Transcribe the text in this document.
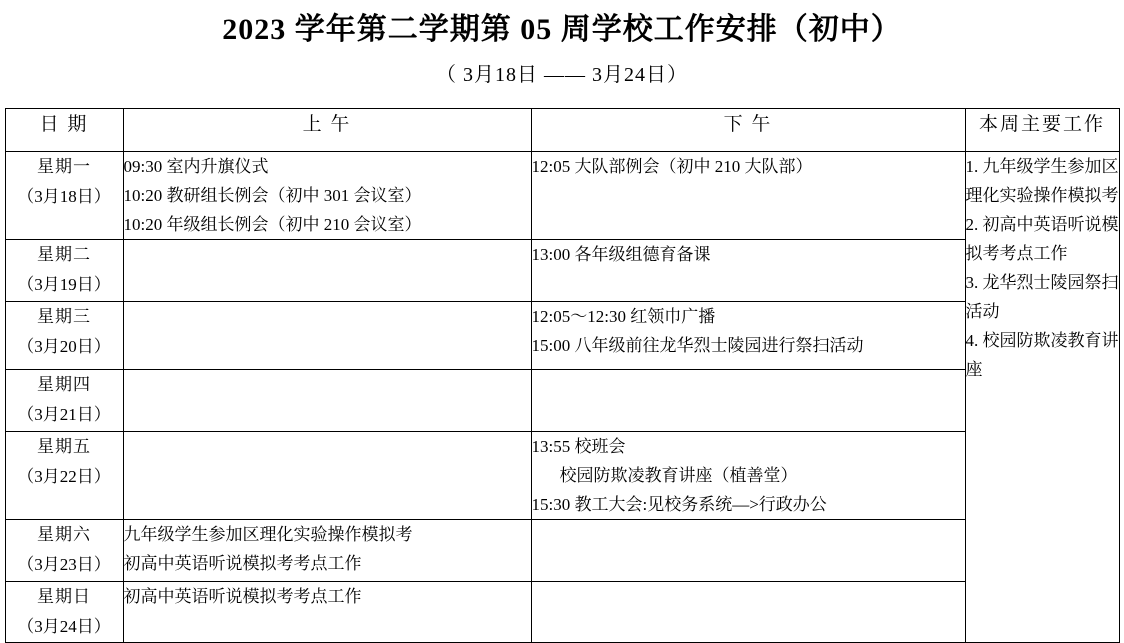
2023 学年第二学期第 05 周学校工作安排（初中）
（ 3月18日 —— 3月24日）
日 期	上 午	下 午	本周主要工作

星期一
（3月18日）	09:30 室内升旗仪式
10:20 教研组长例会（初中 301 会议室）
10:20 年级组长例会（初中 210 会议室）	12:05 大队部例会（初中 210 大队部）	1. 九年级学生参加区理化实验操作模拟考
2. 初高中英语听说模拟考考点工作
3. 龙华烈士陵园祭扫活动
4. 校园防欺凌教育讲座

星期二
（3月19日）		13:00 各年级组德育备课	

星期三
（3月20日）		12:05～12:30 红领巾广播
15:00 八年级前往龙华烈士陵园进行祭扫活动	

星期四
（3月21日）			

星期五
（3月22日）		13:55 校班会
校园防欺凌教育讲座（植善堂）
15:30 教工大会:见校务系统—>行政办公	

星期六
（3月23日）	九年级学生参加区理化实验操作模拟考
初高中英语听说模拟考考点工作		

星期日
（3月24日）	初高中英语听说模拟考考点工作		
